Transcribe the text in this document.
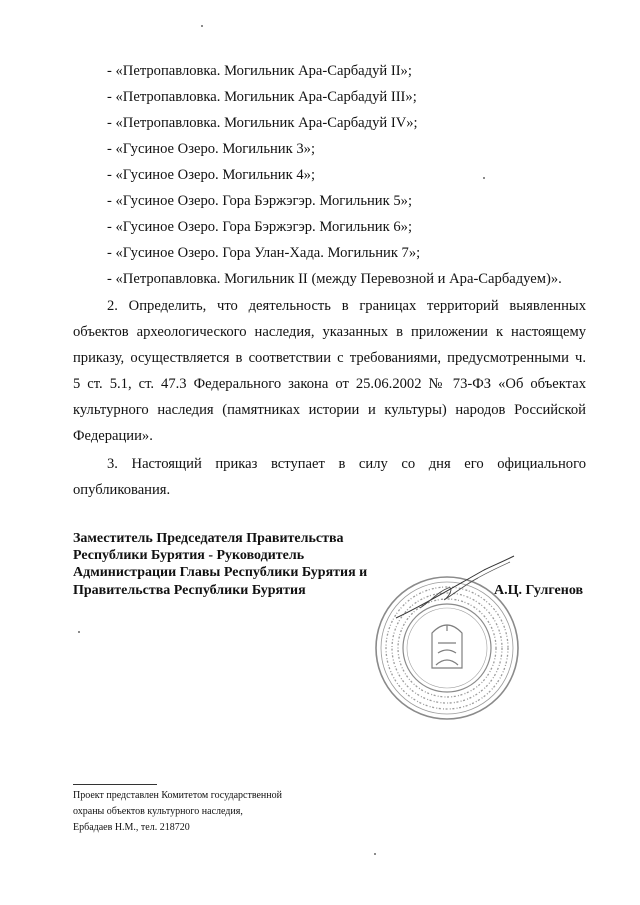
- «Петропавловка. Могильник Ара-Сарбадуй II»;
- «Петропавловка. Могильник Ара-Сарбадуй III»;
- «Петропавловка. Могильник Ара-Сарбадуй IV»;
- «Гусиное Озеро. Могильник 3»;
- «Гусиное Озеро. Могильник 4»;
- «Гусиное Озеро. Гора Бэржэгэр. Могильник 5»;
- «Гусиное Озеро. Гора Бэржэгэр. Могильник 6»;
- «Гусиное Озеро. Гора Улан-Хада. Могильник 7»;
- «Петропавловка. Могильник II (между Перевозной и Ара-Сарбадуем)».
2. Определить, что деятельность в границах территорий выявленных
объектов археологического наследия, указанных в приложении к настоящему
приказу, осуществляется в соответствии с требованиями, предусмотренными ч.
5 ст. 5.1, ст. 47.3 Федерального закона от 25.06.2002 № 73-ФЗ «Об объектах
культурного наследия (памятниках истории и культуры) народов Российской
Федерации».
3. Настоящий приказ вступает в силу со дня его официального
опубликования.
Заместитель Председателя Правительства
Республики Бурятия - Руководитель
Администрации Главы Республики Бурятия и
Правительства Республики Бурятия	А.Ц. Гулгенов
Проект представлен Комитетом государственной
охраны объектов культурного наследия,
Ербадаев Н.М., тел. 218720
